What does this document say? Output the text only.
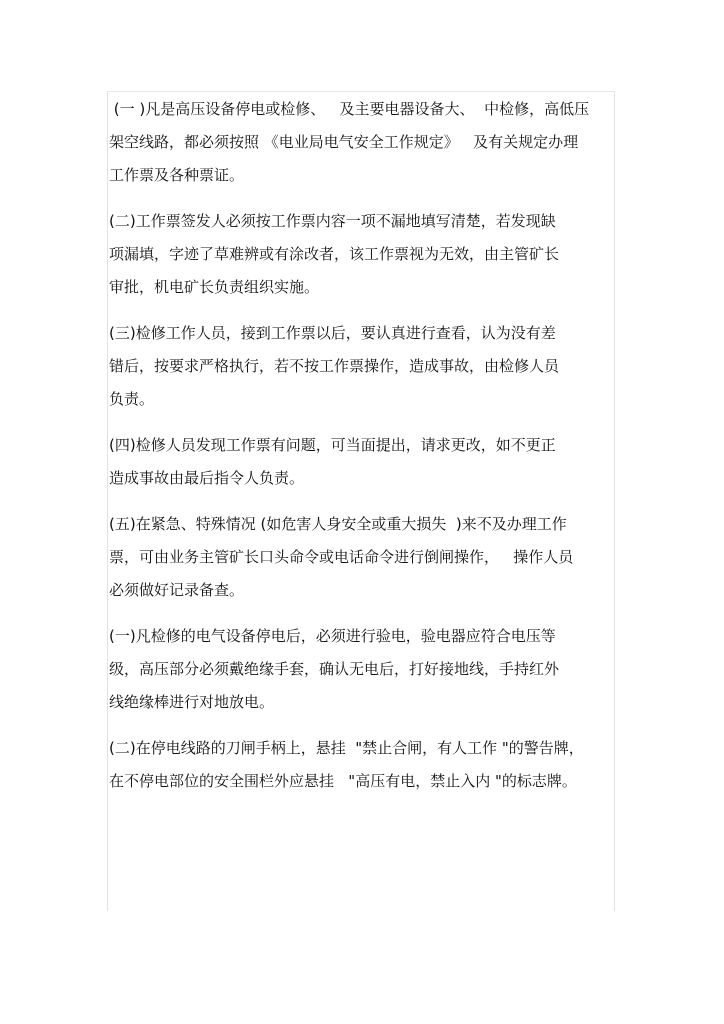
(一 )凡是高压设备停电或检修、   及主要电器设备大、  中检修，高低压
架空线路，都必须按照 《电业局电气安全工作规定》   及有关规定办理
工作票及各种票证。
(二)工作票签发人必须按工作票内容一项不漏地填写清楚，若发现缺
项漏填，字迹了草难辨或有涂改者，该工作票视为无效，由主管矿长
审批，机电矿长负责组织实施。
(三)检修工作人员，接到工作票以后，要认真进行查看，认为没有差
错后，按要求严格执行，若不按工作票操作，造成事故，由检修人员
负责。
(四)检修人员发现工作票有问题，可当面提出，请求更改，如不更正
造成事故由最后指令人负责。
(五)在紧急、特殊情况 (如危害人身安全或重大损失  )来不及办理工作
票，可由业务主管矿长口头命令或电话命令进行倒闸操作，   操作人员
必须做好记录备查。
(一)凡检修的电气设备停电后，必须进行验电，验电器应符合电压等
级，高压部分必须戴绝缘手套，确认无电后，打好接地线，手持红外
线绝缘棒进行对地放电。
(二)在停电线路的刀闸手柄上，悬挂  "禁止合闸，有人工作 "的警告牌，
在不停电部位的安全围栏外应悬挂   "高压有电，禁止入内 "的标志牌。
